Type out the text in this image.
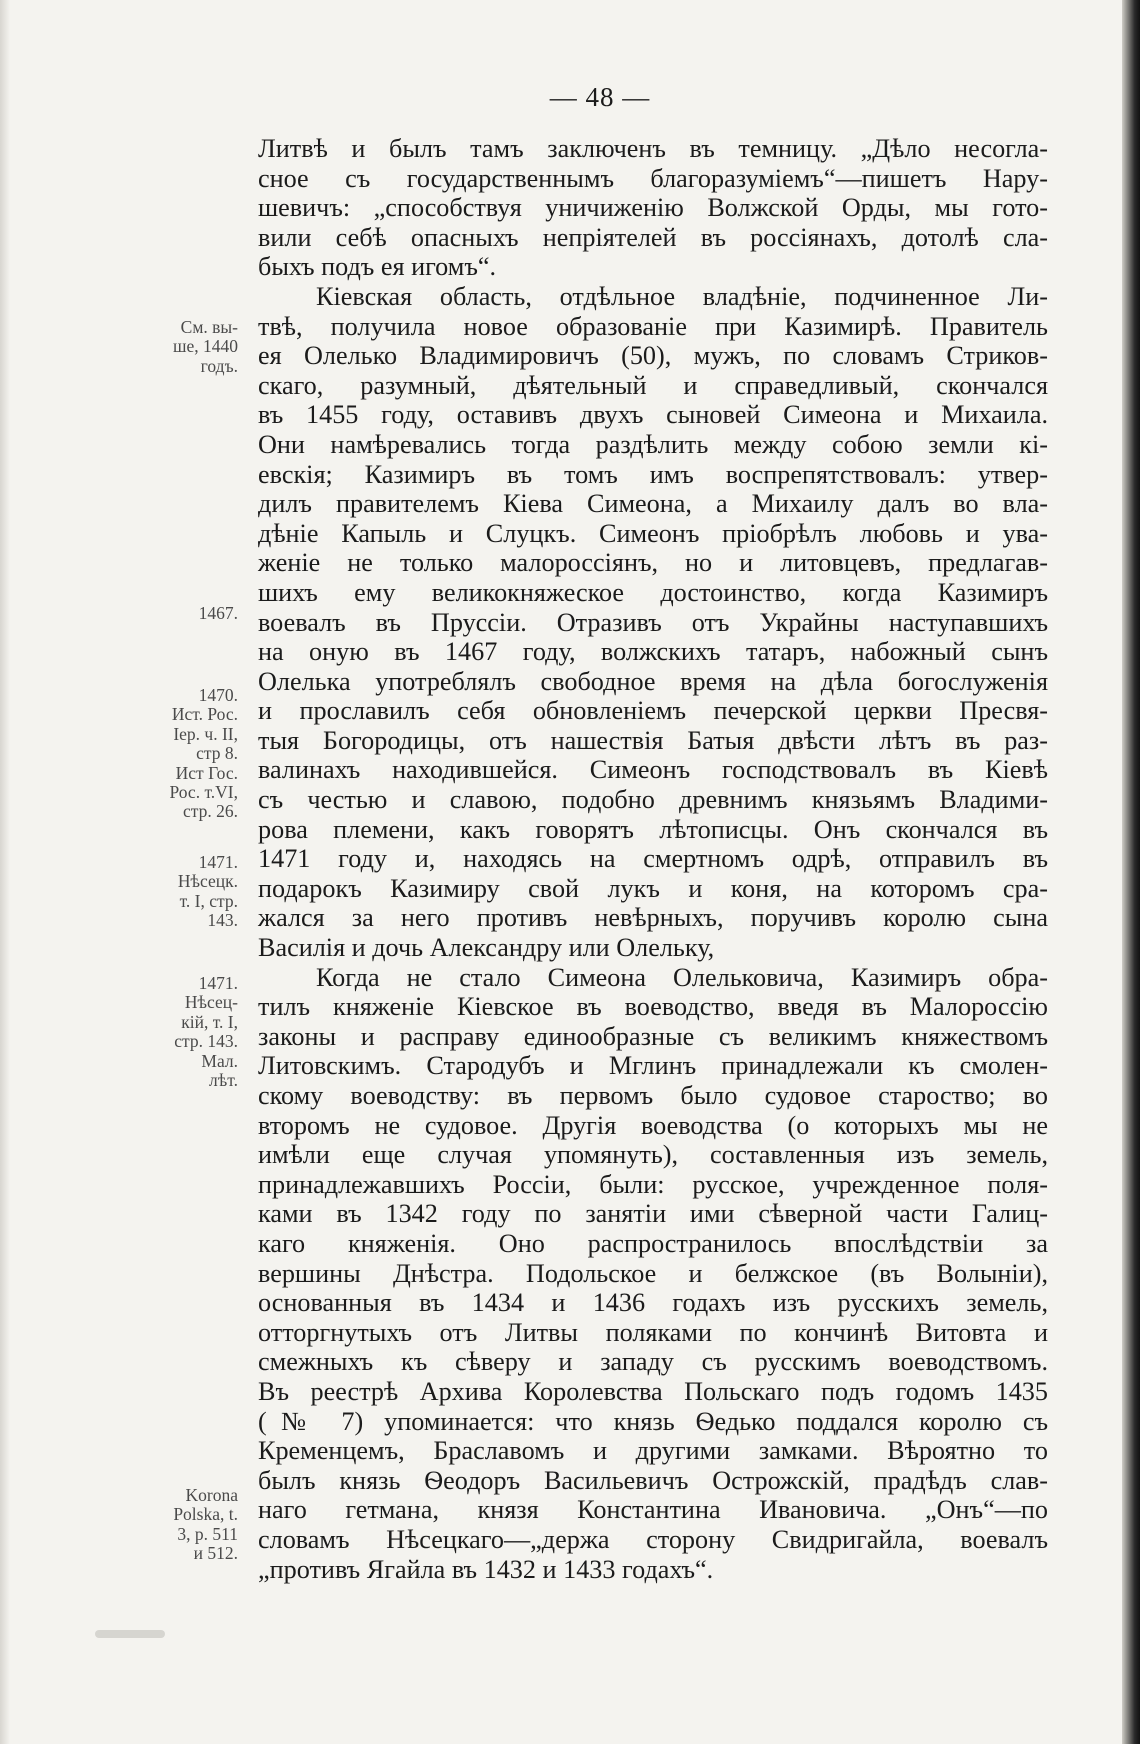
— 48 —

Литвѣ и былъ тамъ заключенъ въ темницу. „Дѣло несогла-
сное съ государственнымъ благоразуміемъ“—пишетъ Нару-
шевичъ: „способствуя уничиженію Волжской Орды, мы гото-
вили себѣ опасныхъ непріятелей въ россіянахъ, дотолѣ сла-
быхъ подъ ея игомъ“.

Кіевская область, отдѣльное владѣніе, подчиненное Ли-
твѣ, получила новое образованіе при Казимирѣ. Правитель
ея Олелько Владимировичъ (50), мужъ, по словамъ Стриков-
скаго, разумный, дѣятельный и справедливый, скончался
въ 1455 году, оставивъ двухъ сыновей Симеона и Михаила.
Они намѣревались тогда раздѣлить между собою земли кі-
евскія; Казимиръ въ томъ имъ воспрепятствовалъ: утвер-
дилъ правителемъ Кіева Симеона, а Михаилу далъ во вла-
дѣніе Капыль и Слуцкъ. Симеонъ пріобрѣлъ любовь и ува-
женіе не только малороссіянъ, но и литовцевъ, предлагав-
шихъ ему великокняжеское достоинство, когда Казимиръ
воевалъ въ Пруссіи. Отразивъ отъ Украйны наступавшихъ
на оную въ 1467 году, волжскихъ татаръ, набожный сынъ
Олелька употреблялъ свободное время на дѣла богослуженія
и прославилъ себя обновленіемъ печерской церкви Пресвя-
тыя Богородицы, отъ нашествія Батыя двѣсти лѣтъ въ раз-
валинахъ находившейся. Симеонъ господствовалъ въ Кіевѣ
съ честью и славою, подобно древнимъ князьямъ Владими-
рова племени, какъ говорятъ лѣтописцы. Онъ скончался въ
1471 году и, находясь на смертномъ одрѣ, отправилъ въ
подарокъ Казимиру свой лукъ и коня, на которомъ сра-
жался за него противъ невѣрныхъ, поручивъ королю сына
Василія и дочь Александру или Олельку,

Когда не стало Симеона Олельковича, Казимиръ обра-
тилъ княженіе Кіевское въ воеводство, введя въ Малороссію
законы и расправу единообразные съ великимъ княжествомъ
Литовскимъ. Стародубъ и Мглинъ принадлежали къ смолен-
скому воеводству: въ первомъ было судовое староство; во
второмъ не судовое. Другія воеводства (о которыхъ мы не
имѣли еще случая упомянуть), составленныя изъ земель,
принадлежавшихъ Россіи, были: русское, учрежденное поля-
ками въ 1342 году по занятіи ими сѣверной части Галиц-
каго княженія. Оно распространилось впослѣдствіи за
вершины Днѣстра. Подольское и белжское (въ Волыніи),
основанныя въ 1434 и 1436 годахъ изъ русскихъ земель,
отторгнутыхъ отъ Литвы поляками по кончинѣ Витовта и
смежныхъ къ сѣверу и западу съ русскимъ воеводствомъ.
Въ реестрѣ Архива Королевства Польскаго подъ годомъ 1435
(№ 7) упоминается: что князь Ѳедько поддался королю съ
Кременцемъ, Браславомъ и другими замками. Вѣроятно то
былъ князь Ѳеодоръ Васильевичъ Острожскій, прадѣдъ слав-
наго гетмана, князя Константина Ивановича. „Онъ“—по
словамъ Нѣсецкаго—„держа сторону Свидригайла, воевалъ
„противъ Ягайла въ 1432 и 1433 годахъ“.

См. вы-
ше, 1440
годъ.
1467.
1470.
Ист. Рос.
Іер. ч. II,
стр 8.
Ист Гос.
Рос. т.VI,
стр. 26.
1471.
Нѣсецк.
т. I, стр.
143.
1471.
Нѣсец-
кій, т. I,
стр. 143.
Мал.
лѣт.
Korona
Polska, t.
3, p. 511
и 512.
